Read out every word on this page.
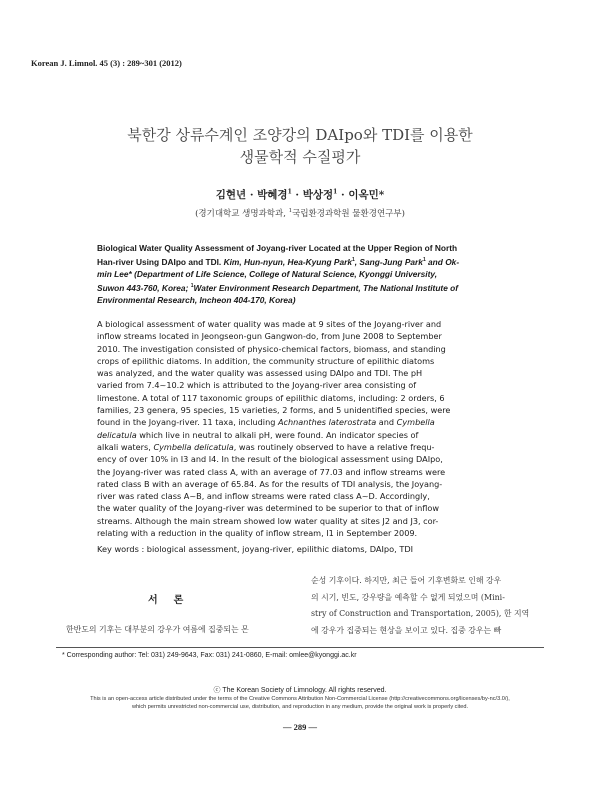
Korean J. Limnol. 45 (3) : 289~301 (2012)
북한강 상류수계인 조양강의 DAIpo와 TDI를 이용한
생물학적 수질평가
김현년 · 박혜경$^1$ · 박상정$^1$ · 이옥민*
(경기대학교 생명과학과, $^1$국립환경과학원 물환경연구부)
Biological Water Quality Assessment of Joyang-river Located at the Upper Region of North
Han-river Using DAIpo and TDI. Kim, Hun-nyun, Hea-Kyung Park$^1$, Sang-Jung Park$^1$ and Ok-
min Lee* (Department of Life Science, College of Natural Science, Kyonggi University,
Suwon 443-760, Korea; $^1$Water Environment Research Department, The National Institute of
Environmental Research, Incheon 404-170, Korea)
A biological assessment of water quality was made at 9 sites of the Joyang-river and
inflow streams located in Jeongseon-gun Gangwon-do, from June 2008 to September
2010. The investigation consisted of physico-chemical factors, biomass, and standing
crops of epilithic diatoms. In addition, the community structure of epilithic diatoms
was analyzed, and the water quality was assessed using DAIpo and TDI. The pH
varied from 7.4~10.2 which is attributed to the Joyang-river area consisting of
limestone. A total of 117 taxonomic groups of epilithic diatoms, including: 2 orders, 6
families, 23 genera, 95 species, 15 varieties, 2 forms, and 5 unidentified species, were
found in the Joyang-river. 11 taxa, including Achnanthes laterostrata and Cymbella
delicatula which live in neutral to alkali pH, were found. An indicator species of
alkali waters, Cymbella delicatula, was routinely observed to have a relative frequ-
ency of over 10% in I3 and I4. In the result of the biological assessment using DAIpo,
the Joyang-river was rated class A, with an average of 77.03 and inflow streams were
rated class B with an average of 65.84. As for the results of TDI analysis, the Joyang-
river was rated class A~B, and inflow streams were rated class A~D. Accordingly,
the water quality of the Joyang-river was determined to be superior to that of inflow
streams. Although the main stream showed low water quality at sites J2 and J3, cor-
relating with a reduction in the quality of inflow stream, I1 in September 2009.
Key words : biological assessment, joyang-river, epilithic diatoms, DAIpo, TDI
서론
한반도의 기후는 대부분의 강우가 여름에 집중되는 몬
순성 기후이다. 하지만, 최근 들어 기후변화로 인해 강우
의 시기, 빈도, 강우량을 예측할 수 없게 되었으며 (Mini-
stry of Construction and Transportation, 2005), 한 지역
에 강우가 집중되는 현상을 보이고 있다. 집중 강우는 빠
* Corresponding author: Tel: 031) 249-9643, Fax: 031) 241-0860, E-mail: omlee@kyonggi.ac.kr
ⓒ The Korean Society of Limnology. All rights reserved.
This is an open-access article distributed under the terms of the Creative Commons Attribution Non-Commercial License (http://creativecommons.org/licenses/by-nc/3.0/),
which permits unrestricted non-commercial use, distribution, and reproduction in any medium, provide the original work is properly cited.
— 289 —
